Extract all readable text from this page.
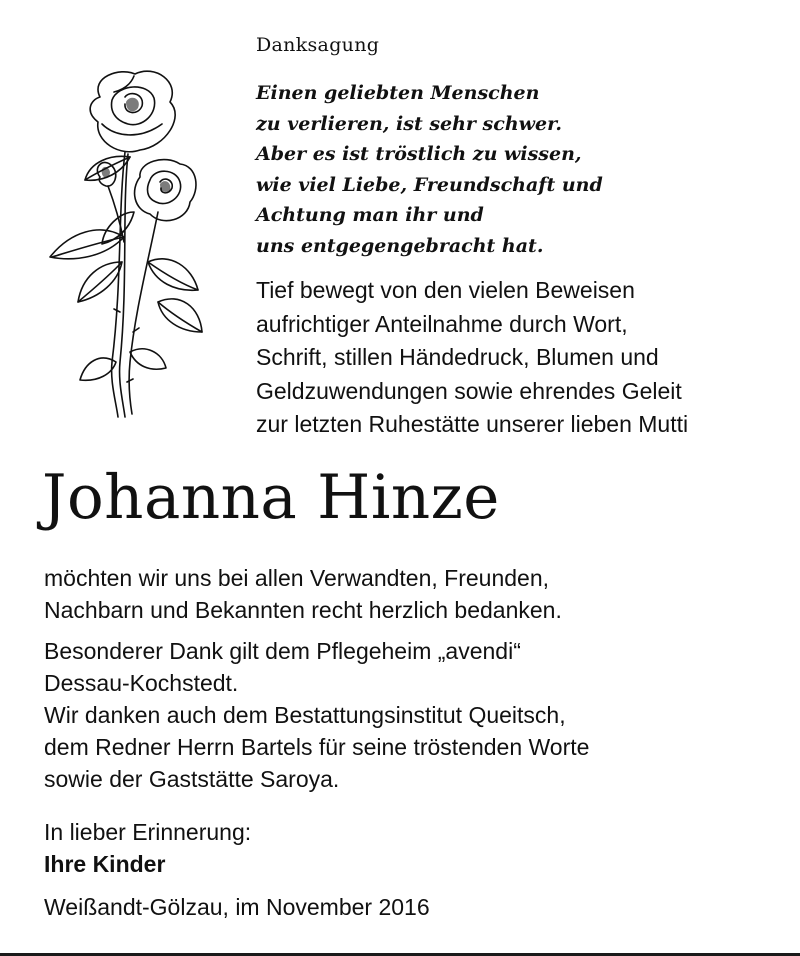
Danksagung
Einen geliebten Menschen
zu verlieren, ist sehr schwer.
Aber es ist tröstlich zu wissen,
wie viel Liebe, Freundschaft und
Achtung man ihr und
uns entgegengebracht hat.
Tief bewegt von den vielen Beweisen
aufrichtiger Anteilnahme durch Wort,
Schrift, stillen Händedruck, Blumen und
Geldzuwendungen sowie ehrendes Geleit
zur letzten Ruhestätte unserer lieben Mutti
Johanna Hinze
möchten wir uns bei allen Verwandten, Freunden,
Nachbarn und Bekannten recht herzlich bedanken.
Besonderer Dank gilt dem Pflegeheim „avendi“
Dessau-Kochstedt.
Wir danken auch dem Bestattungsinstitut Queitsch,
dem Redner Herrn Bartels für seine tröstenden Worte
sowie der Gaststätte Saroya.
In lieber Erinnerung:
Ihre Kinder
Weißandt-Gölzau, im November 2016
